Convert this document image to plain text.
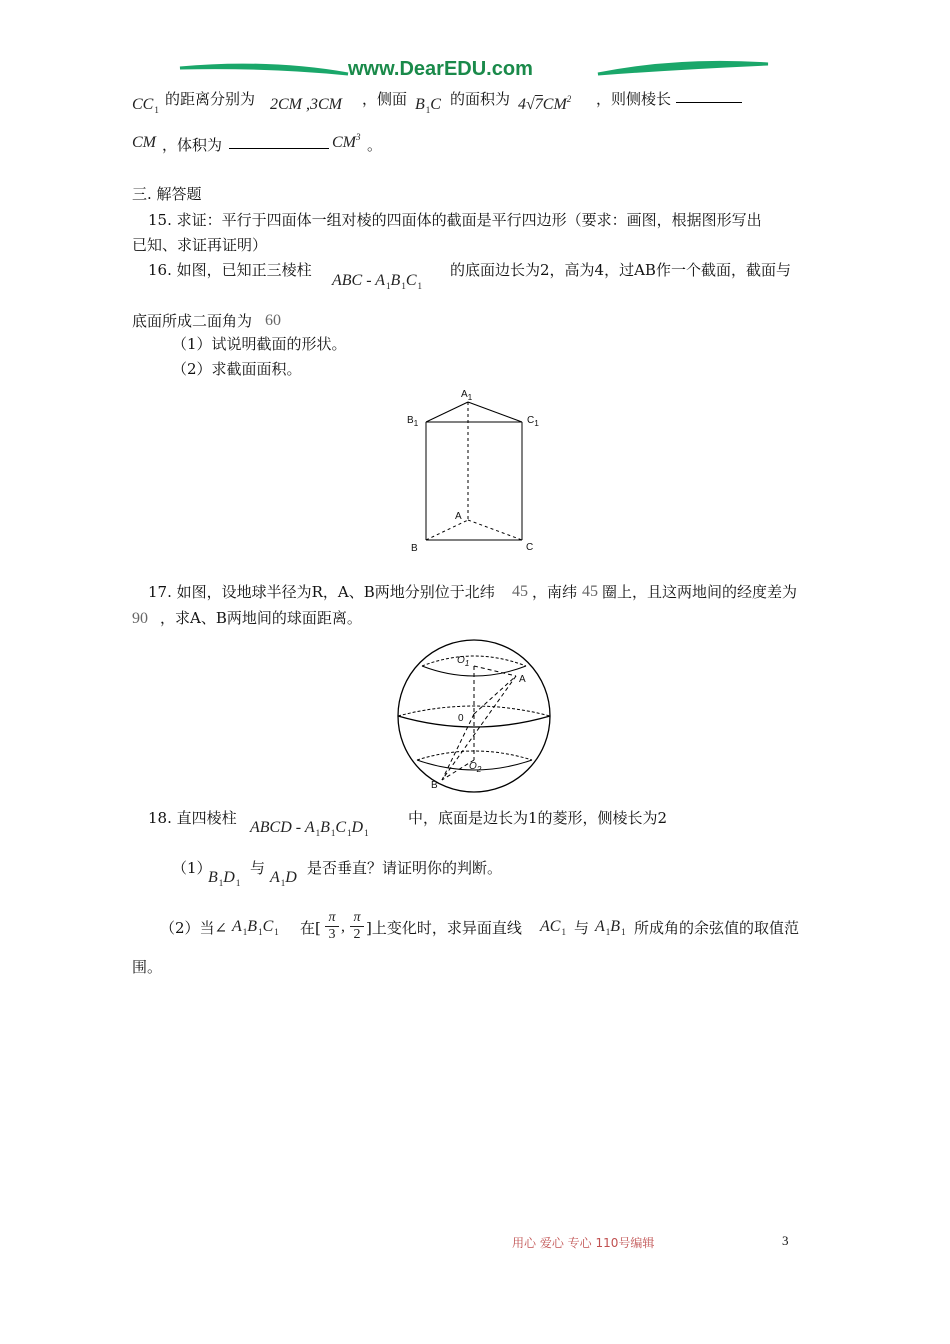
www.DearEDU.com
$CC_1$
的距离分别为 2CM ,3CM ，侧面 $B_1C$ 的面积为 $4√7CM^2$ ，则侧棱长
CM ，体积为	$CM^3$ 。
三. 解答题
15. 求证：平行于四面体一组对棱的四面体的截面是平行四边形（要求：画图，根据图形写出
已知、求证再证明）
16. 如图，已知正三棱柱
ABC - $A_1B_1C_1$
的底面边长为2，高为4，过AB作一个截面，截面与
底面所成二面角为 60
（1）试说明截面的形状。
（2）求截面面积。
$A_1$
$B_1$	$C_1$
A
B	C
17. 如图，设地球半径为R，A、B两地分别位于北纬 45 ，南纬 45 圈上，且这两地间的经度差为
90 ，求A、B两地间的球面距离。
$O_1$
A
0
$O_2$
B
18. 直四棱柱
ABCD - $A_1B_1C_1D_1$
中，底面是边长为1的菱形，侧棱长为2
（1）
$B_1D_1$
与
$A_1D$
是否垂直？请证明你的判断。
（2）当∠ $A_1B_1C_1$ 在[
π
3 ,
π
2 ]上变化时，求异面直线 $AC_1$ 与 $A_1B_1$ 所成角的余弦值的取值范
围。
用心 爱心 专心 110号编辑	3
